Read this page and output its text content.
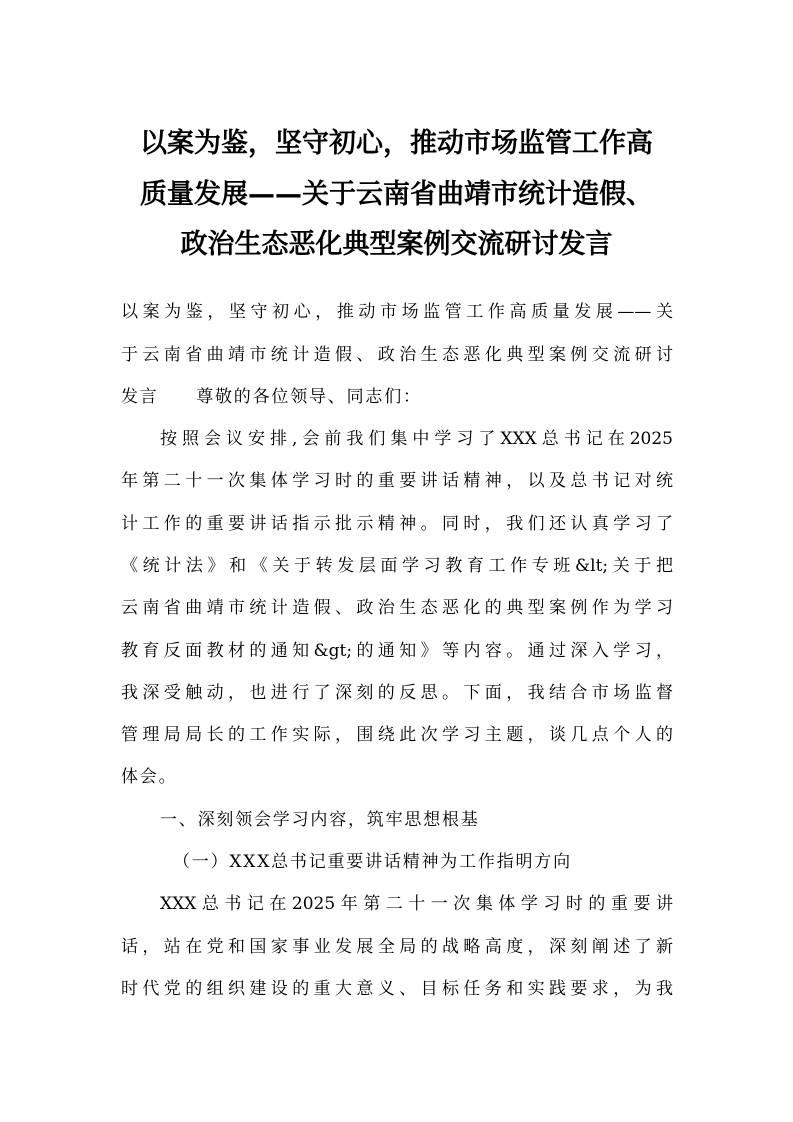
以案为鉴，坚守初心，推动市场监管工作高
质量发展——关于云南省曲靖市统计造假、
政治生态恶化典型案例交流研讨发言

以案为鉴，坚守初心，推动市场监管工作高质量发展——关

于云南省曲靖市统计造假、政治生态恶化典型案例交流研讨

发言　　尊敬的各位领导、同志们：

按照会议安排,会前我们集中学习了XXX总书记在2025

年第二十一次集体学习时的重要讲话精神，以及总书记对统

计工作的重要讲话指示批示精神。同时，我们还认真学习了

《统计法》和《关于转发层面学习教育工作专班&lt;关于把

云南省曲靖市统计造假、政治生态恶化的典型案例作为学习

教育反面教材的通知&gt;的通知》等内容。通过深入学习，

我深受触动，也进行了深刻的反思。下面，我结合市场监督

管理局局长的工作实际，围绕此次学习主题，谈几点个人的

体会。

一、深刻领会学习内容，筑牢思想根基

（一）XXX总书记重要讲话精神为工作指明方向

XXX总书记在2025年第二十一次集体学习时的重要讲

话，站在党和国家事业发展全局的战略高度，深刻阐述了新

时代党的组织建设的重大意义、目标任务和实践要求，为我
